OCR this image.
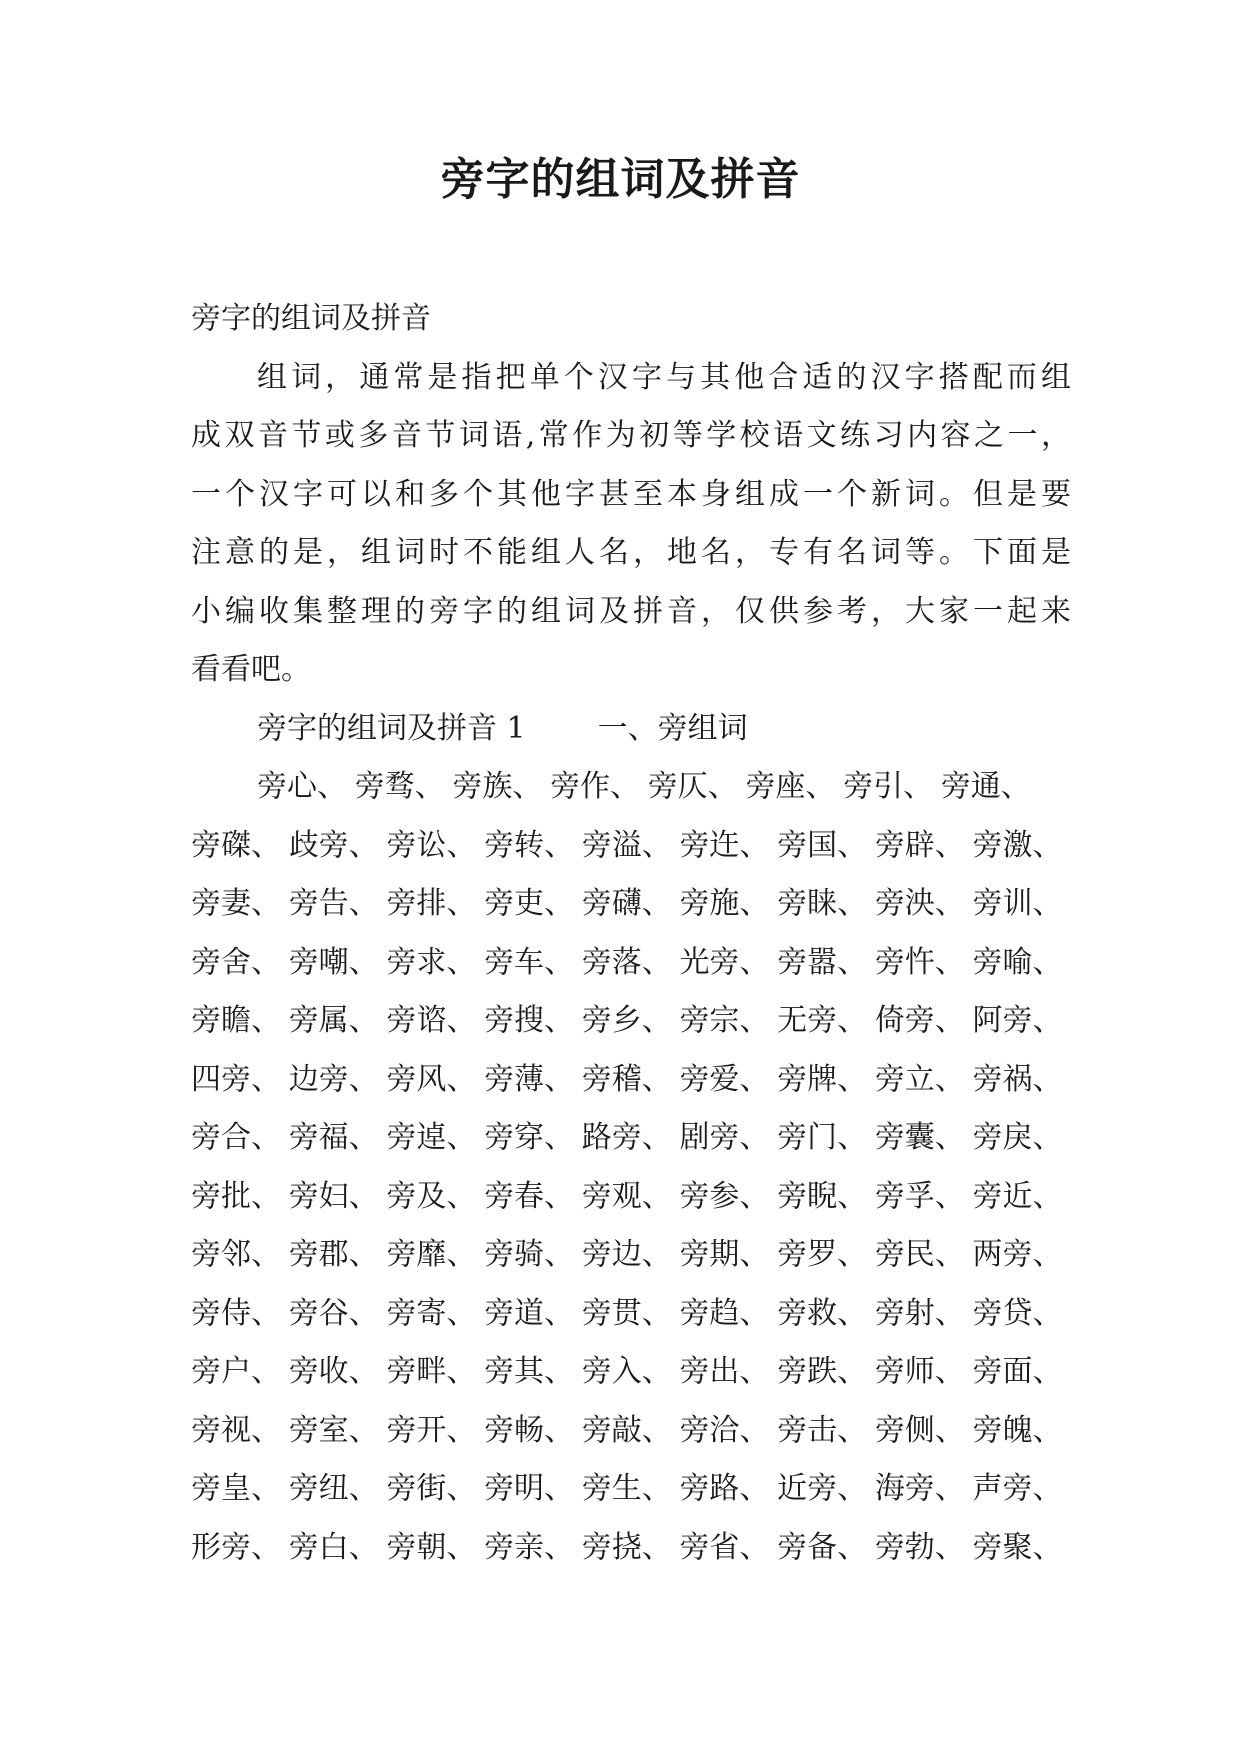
旁字的组词及拼音
旁字的组词及拼音
组词，通常是指把单个汉字与其他合适的汉字搭配而组
成双音节或多音节词语,常作为初等学校语文练习内容之一，
一个汉字可以和多个其他字甚至本身组成一个新词。但是要
注意的是，组词时不能组人名，地名，专有名词等。下面是
小编收集整理的旁字的组词及拼音，仅供参考，大家一起来
看看吧。
旁字的组词及拼音 1 一、旁组词
旁心、 旁骛、 旁族、 旁作、 旁仄、 旁座、 旁引、 旁通、
旁磔、 歧旁、 旁讼、 旁转、 旁溢、 旁迕、 旁国、 旁辟、 旁激、
旁妻、 旁告、 旁排、 旁吏、 旁礴、 旁施、 旁睐、 旁泱、 旁训、
旁舍、 旁嘲、 旁求、 旁车、 旁落、 光旁、 旁嚣、 旁忤、 旁喻、
旁瞻、 旁属、 旁谘、 旁搜、 旁乡、 旁宗、 无旁、 倚旁、 阿旁、
四旁、 边旁、 旁风、 旁薄、 旁稽、 旁爱、 旁牌、 旁立、 旁祸、
旁合、 旁福、 旁逴、 旁穿、 路旁、 剧旁、 旁门、 旁囊、 旁戾、
旁批、 旁妇、 旁及、 旁春、 旁观、 旁参、 旁睨、 旁孚、 旁近、
旁邻、 旁郡、 旁靡、 旁骑、 旁边、 旁期、 旁罗、 旁民、 两旁、
旁侍、 旁谷、 旁寄、 旁道、 旁贯、 旁趋、 旁救、 旁射、 旁贷、
旁户、 旁收、 旁畔、 旁其、 旁入、 旁出、 旁跌、 旁师、 旁面、
旁视、 旁室、 旁开、 旁畅、 旁敲、 旁洽、 旁击、 旁侧、 旁魄、
旁皇、 旁纽、 旁街、 旁明、 旁生、 旁路、 近旁、 海旁、 声旁、
形旁、 旁白、 旁朝、 旁亲、 旁挠、 旁省、 旁备、 旁勃、 旁聚、
